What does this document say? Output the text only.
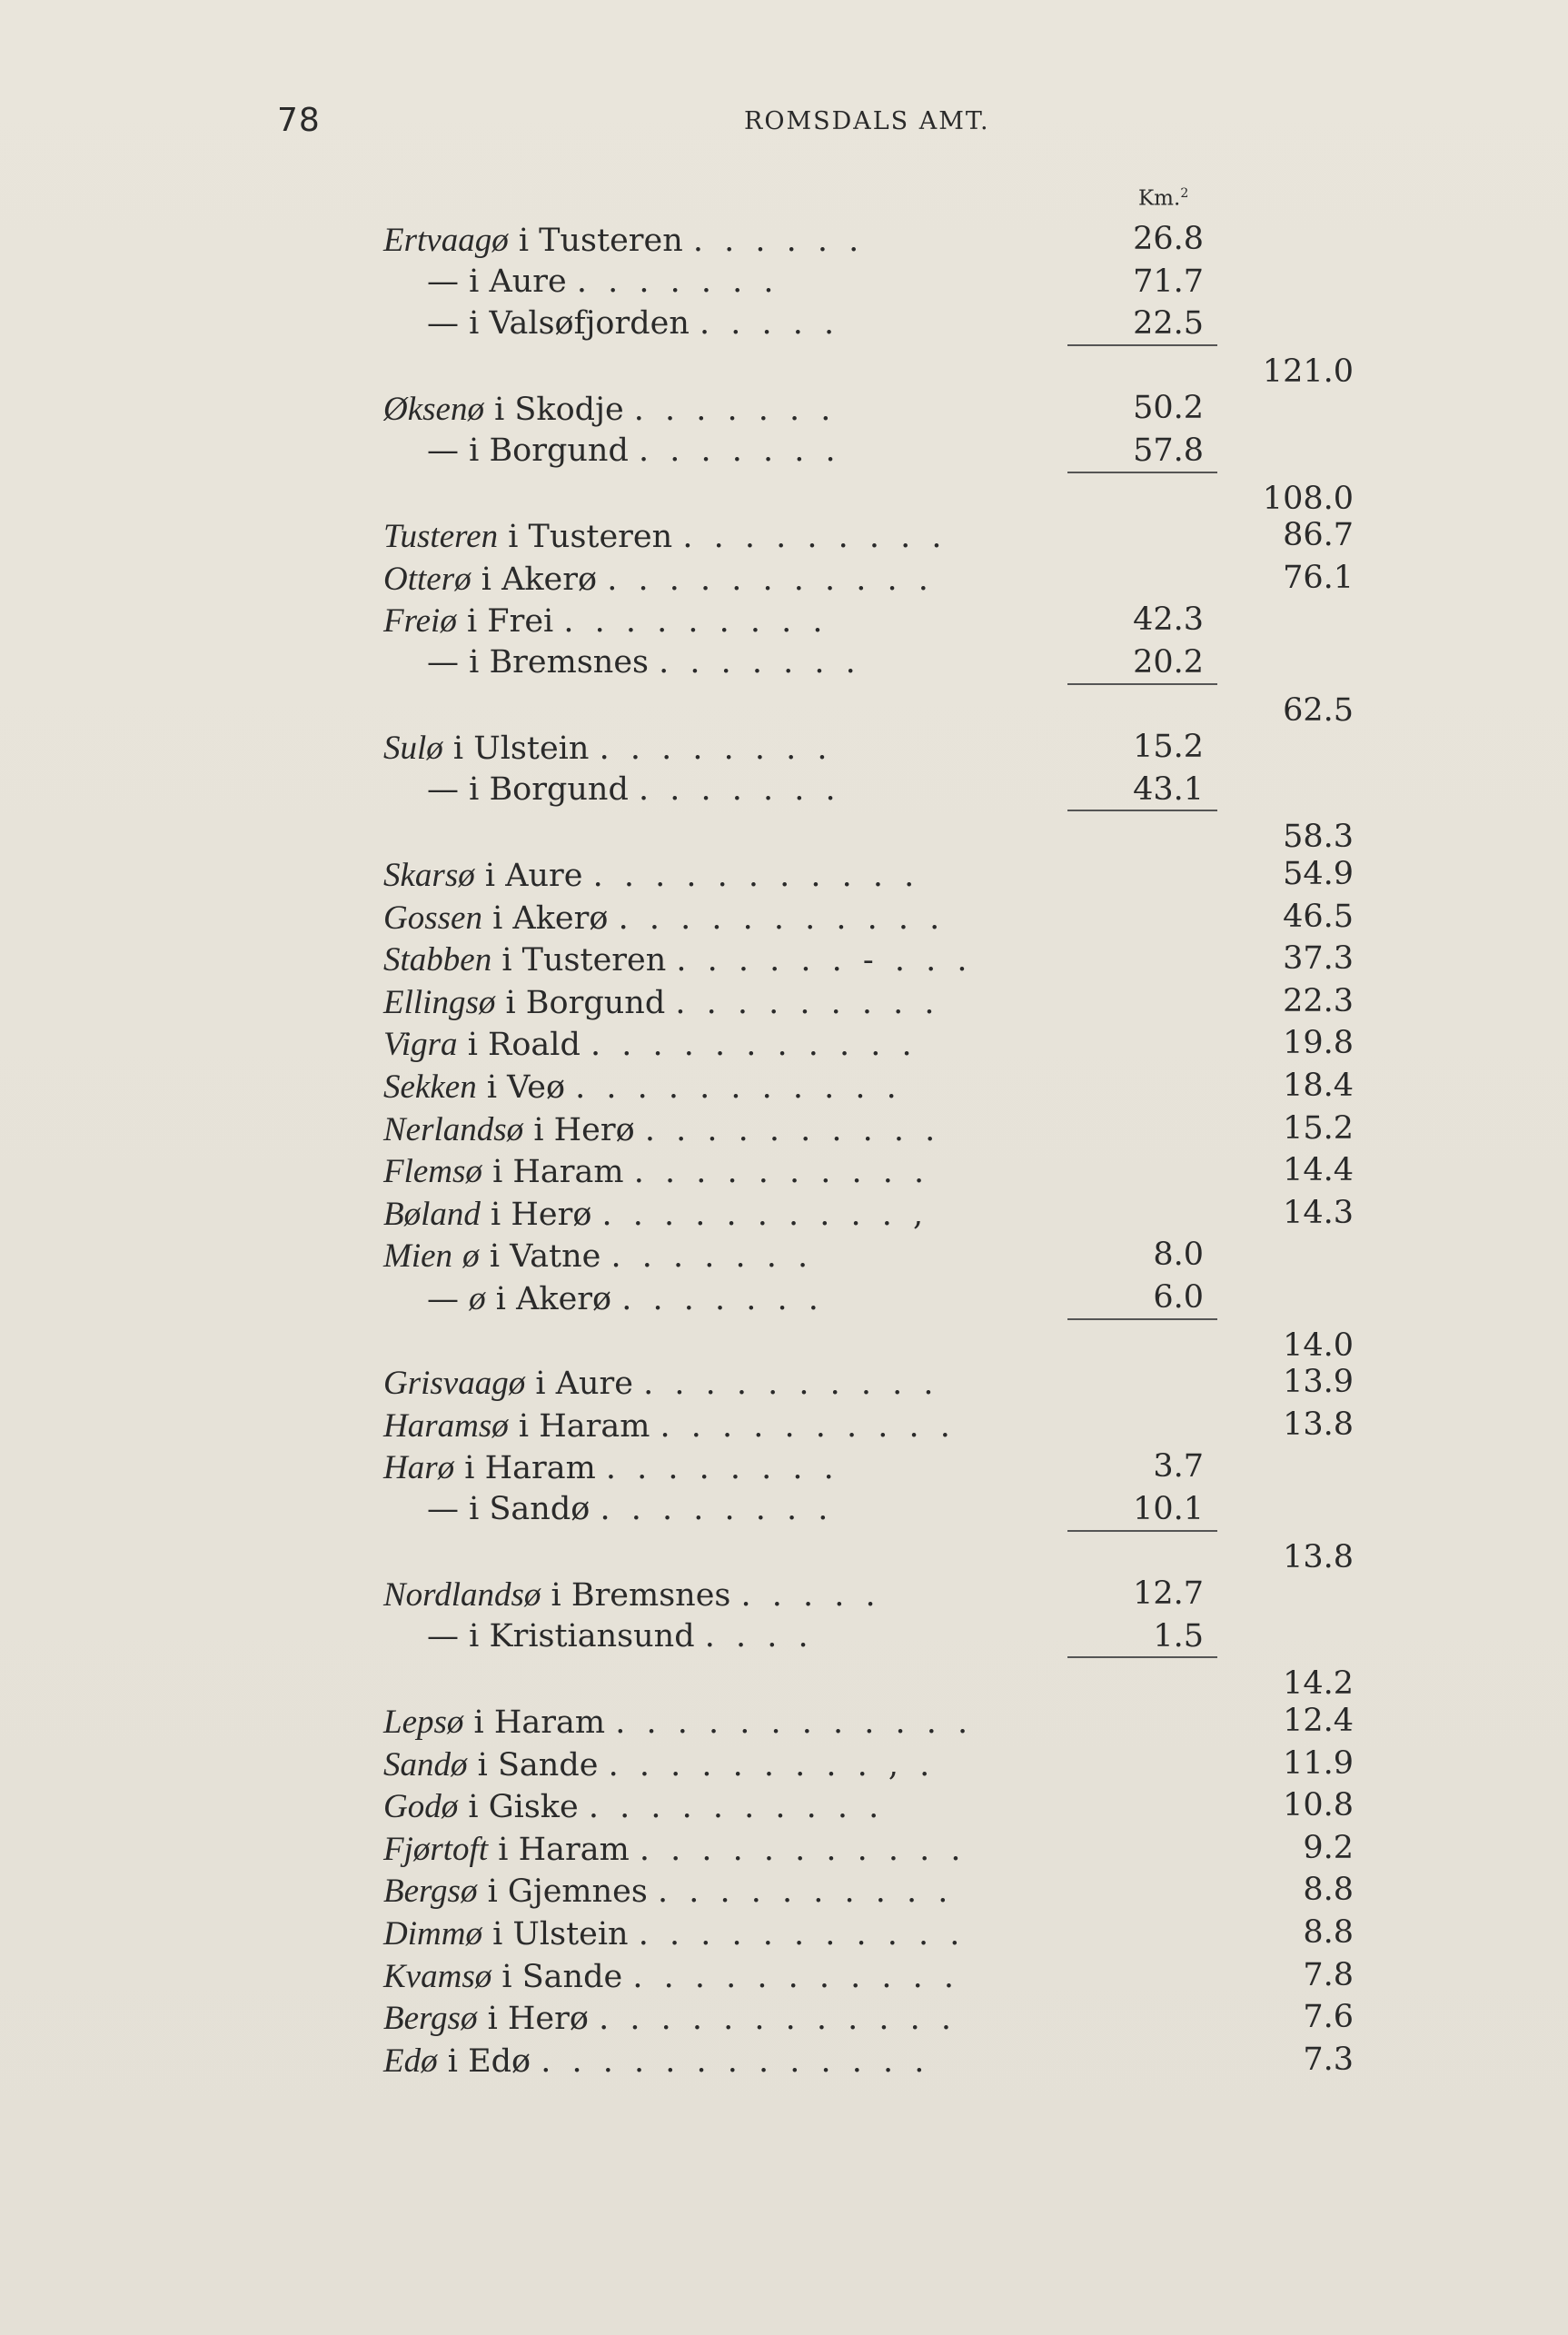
78	ROMSDALS AMT.
Km.$^2$
Ertvaagø i Tusteren . . . . . .	26.8
— i Aure . . . . . . .	71.7
— i Valsøfjorden . . . . .	22.5
121.0
Øksenø i Skodje . . . . . . .	50.2
— i Borgund . . . . . . .	57.8
108.0
Tusteren i Tusteren . . . . . . . . .	86.7
Otterø i Akerø . . . . . . . . . . .	76.1
Freiø i Frei . . . . . . . . .	42.3
— i Bremsnes . . . . . . .	20.2
62.5
Sulø i Ulstein . . . . . . . .	15.2
— i Borgund . . . . . . .	43.1
58.3
Skarsø i Aure . . . . . . . . . . .	54.9
Gossen i Akerø . . . . . . . . . . .	46.5
Stabben i Tusteren . . . . . . - . . .	37.3
Ellingsø i Borgund . . . . . . . . .	22.3
Vigra i Roald . . . . . . . . . . .	19.8
Sekken i Veø . . . . . . . . . . .	18.4
Nerlandsø i Herø . . . . . . . . . .	15.2
Flemsø i Haram . . . . . . . . . .	14.4
Bøland i Herø . . . . . . . . . . ,	14.3
Mien ø i Vatne . . . . . . .	8.0
— ø i Akerø . . . . . . .	6.0
14.0
Grisvaagø i Aure . . . . . . . . . .	13.9
Haramsø i Haram . . . . . . . . . .	13.8
Harø i Haram . . . . . . . .	3.7
— i Sandø . . . . . . . .	10.1
13.8
Nordlandsø i Bremsnes . . . . .	12.7
— i Kristiansund . . . .	1.5
14.2
Lepsø i Haram . . . . . . . . . . . .	12.4
Sandø i Sande . . . . . . . . . , .	11.9
Godø i Giske . . . . . . . . . .	10.8
Fjørtoft i Haram . . . . . . . . . . .	9.2
Bergsø i Gjemnes . . . . . . . . . .	8.8
Dimmø i Ulstein . . . . . . . . . . .	8.8
Kvamsø i Sande . . . . . . . . . . .	7.8
Bergsø i Herø . . . . . . . . . . . .	7.6
Edø i Edø . . . . . . . . . . . . .	7.3
